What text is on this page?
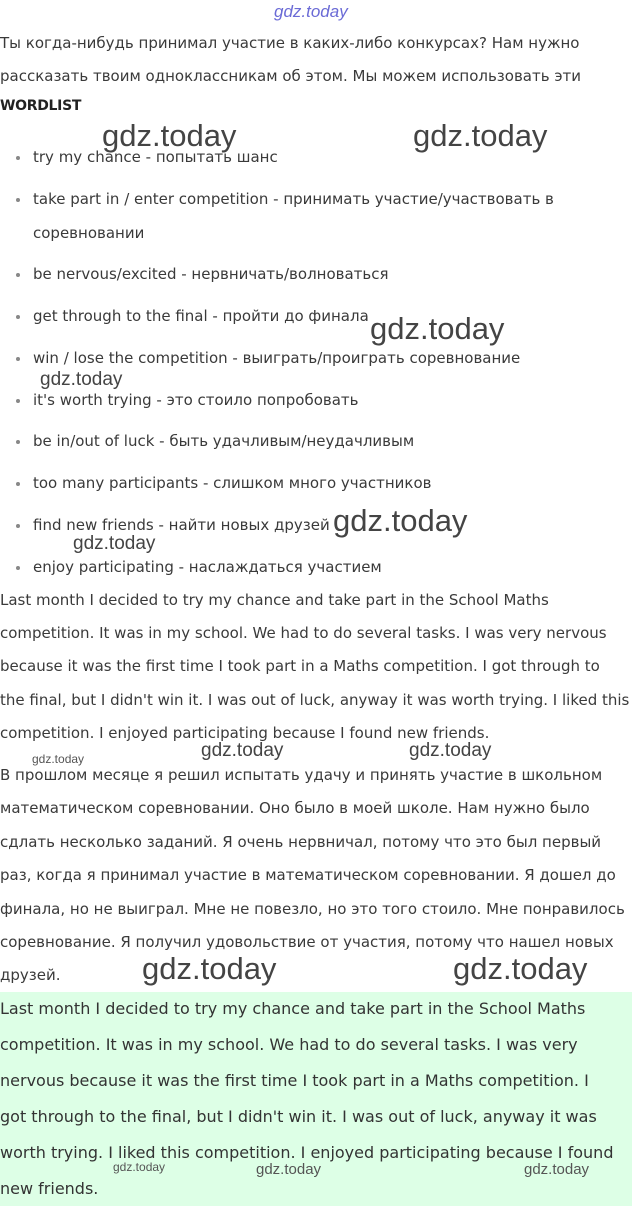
Ты когда-нибудь принимал участие в каких-либо конкурсах? Нам нужно
рассказать твоим одноклассникам об этом. Мы можем использовать эти
WORDLIST
try my chance - попытать шанс
take part in / enter competition - принимать участие/участвовать в
соревновании
be nervous/excited - нервничать/волноваться
get through to the final - пройти до финала
win / lose the competition - выиграть/проиграть соревнование
it's worth trying - это стоило попробовать
be in/out of luck - быть удачливым/неудачливым
too many participants - слишком много участников
find new friends - найти новых друзей
enjoy participating - наслаждаться участием
Last month I decided to try my chance and take part in the School Maths
competition. It was in my school. We had to do several tasks. I was very nervous
because it was the first time I took part in a Maths competition. I got through to
the final, but I didn't win it. I was out of luck, anyway it was worth trying. I liked this
competition. I enjoyed participating because I found new friends.
В прошлом месяце я решил испытать удачу и принять участие в школьном
математическом соревновании. Оно было в моей школе. Нам нужно было
сдлать несколько заданий. Я очень нервничал, потому что это был первый
раз, когда я принимал участие в математическом соревновании. Я дошел до
финала, но не выиграл. Мне не повезло, но это того стоило. Мне понравилось
соревнование. Я получил удовольствие от участия, потому что нашел новых
друзей.
Last month I decided to try my chance and take part in the School Maths
competition. It was in my school. We had to do several tasks. I was very
nervous because it was the first time I took part in a Maths competition. I
got through to the final, but I didn't win it. I was out of luck, anyway it was
worth trying. I liked this competition. I enjoyed participating because I found
new friends.
gdz.today
gdz.today	gdz.today
gdz.today
gdz.today
gdz.today
gdz.today
gdz.today	gdz.today	gdz.today
gdz.today	gdz.today
gdz.today	gdz.today	gdz.today
